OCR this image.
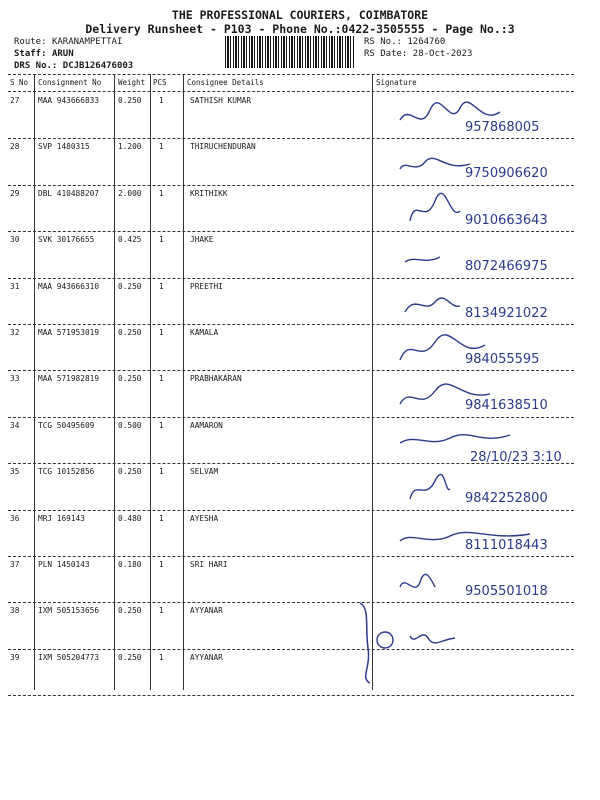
THE PROFESSIONAL COURIERS, COIMBATORE
Delivery Runsheet - P103 - Phone No.:0422-3505555 - Page No.:3
Route: KARANAMPETTAI
Staff: ARUN
DRS No.: DCJB126476003
RS No.: 1264760
RS Date: 28-Oct-2023
S No Consignment No Weight PCS	Consignee Details	Signature
27 MAA 943666833 0.250 1	SATHISH KUMAR
957868005
28 SVP 1480315	1.200 1	THIRUCHENDURAN
9750906620
29 DBL 410488207 2.000 1	KRITHIKK
9010663643
30 SVK 30176655	0.425 1	JHAKE
8072466975
31 MAA 943666310 0.250 1	PREETHI
8134921022
32 MAA 571953019 0.250 1	KAMALA
984055595
33 MAA 571982819 0.250 1	PRABHAKARAN
9841638510
34 TCG 50495609	0.500 1	AAMARON
28/10/23 3:10
35 TCG 10152856	0.250 1	SELVAM
9842252800
36 MRJ 169143	0.480 1	AYESHA
8111018443
37 PLN 1450143	0.180 1	SRI HARI
9505501018
38 IXM 505153656 0.250 1	AYYANAR
39 IXM 505204773 0.250 1	AYYANAR
